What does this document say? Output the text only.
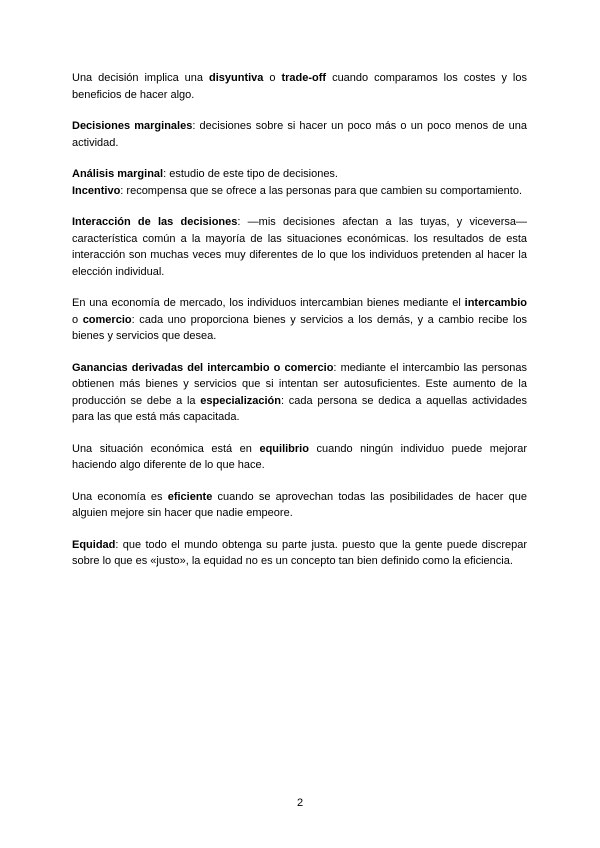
Una decisión implica una disyuntiva o trade-off cuando comparamos los costes y los beneficios de hacer algo.

Decisiones marginales: decisiones sobre si hacer un poco más o un poco menos de una actividad.

Análisis marginal: estudio de este tipo de decisiones.

Incentivo: recompensa que se ofrece a las personas para que cambien su comportamiento.

Interacción de las decisiones: —mis decisiones afectan a las tuyas, y viceversa— característica común a la mayoría de las situaciones económicas. los resultados de esta interacción son muchas veces muy diferentes de lo que los individuos pretenden al hacer la elección individual.

En una economía de mercado, los individuos intercambian bienes mediante el intercambio o comercio: cada uno proporciona bienes y servicios a los demás, y a cambio recibe los bienes y servicios que desea.

Ganancias derivadas del intercambio o comercio: mediante el intercambio las personas obtienen más bienes y servicios que si intentan ser autosuficientes. Este aumento de la producción se debe a la especialización: cada persona se dedica a aquellas actividades para las que está más capacitada.

Una situación económica está en equilibrio cuando ningún individuo puede mejorar haciendo algo diferente de lo que hace.

Una economía es eficiente cuando se aprovechan todas las posibilidades de hacer que alguien mejore sin hacer que nadie empeore.

Equidad: que todo el mundo obtenga su parte justa. puesto que la gente puede discrepar sobre lo que es «justo», la equidad no es un concepto tan bien definido como la eficiencia.

2
